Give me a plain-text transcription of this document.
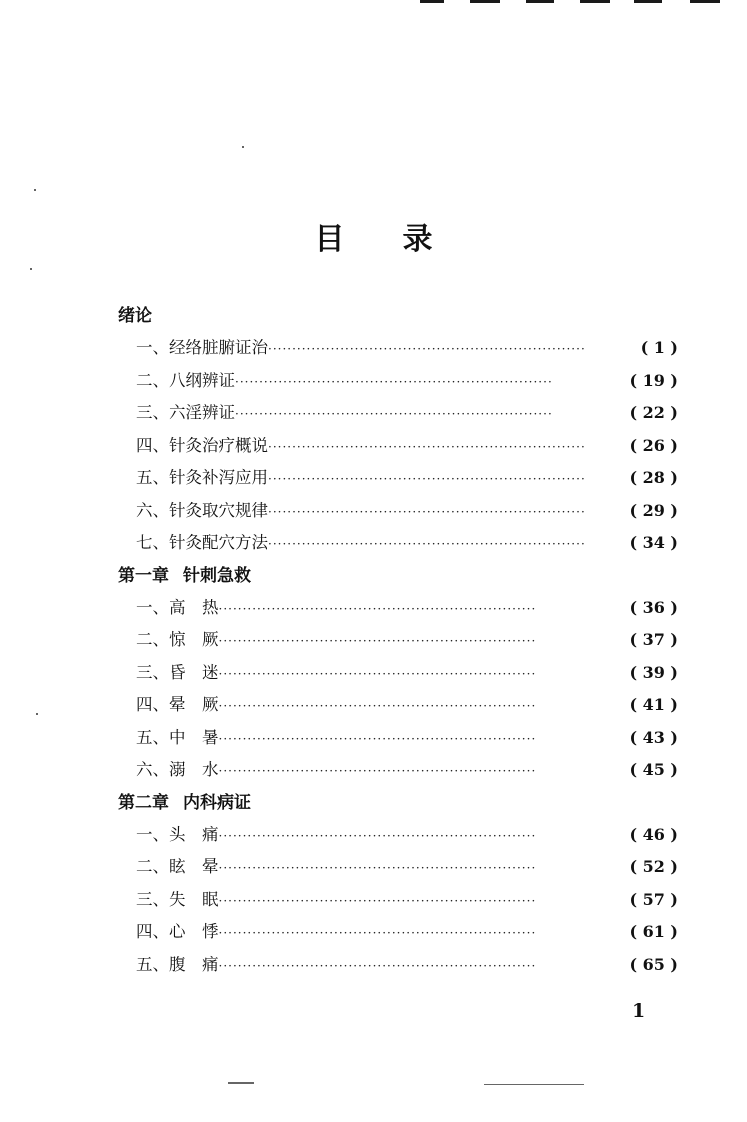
目 录
绪论
一、经络脏腑证治 ··································································	( 1 )
二、八纲辨证 ··································································	( 19 )
三、六淫辨证 ··································································	( 22 )
四、针灸治疗概说 ··································································	( 26 )
五、针灸补泻应用 ··································································	( 28 )
六、针灸取穴规律 ··································································	( 29 )
七、针灸配穴方法 ··································································	( 34 )
第一章 针刺急救
一、高　热 ··································································	( 36 )
二、惊　厥 ··································································	( 37 )
三、昏　迷 ··································································	( 39 )
四、晕　厥 ··································································	( 41 )
五、中　暑 ··································································	( 43 )
六、溺　水 ··································································	( 45 )
第二章 内科病证
一、头　痛 ··································································	( 46 )
二、眩　晕 ··································································	( 52 )
三、失　眠 ··································································	( 57 )
四、心　悸 ··································································	( 61 )
五、腹　痛 ··································································	( 65 )
1
